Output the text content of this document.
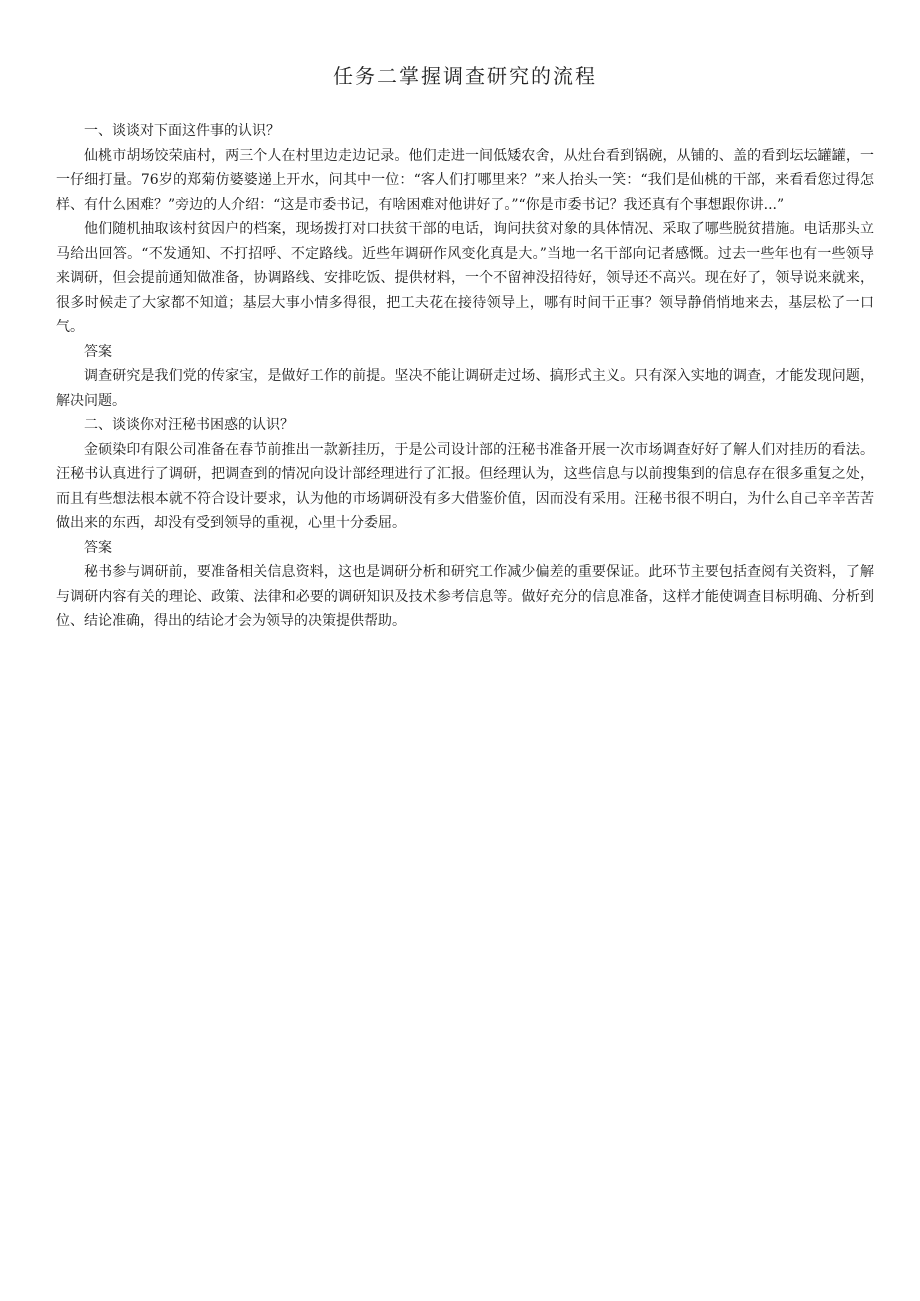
任务二掌握调查研究的流程

一、谈谈对下面这件事的认识？

仙桃市胡场饺荣庙村，两三个人在村里边走边记录。他们走进一间低矮农舍，从灶台看到锅碗，从铺的、盖的看到坛坛罐罐，一一仔细打量。76岁的郑菊仿婆婆递上开水，问其中一位：“客人们打哪里来？”来人抬头一笑：“我们是仙桃的干部，来看看您过得怎样、有什么困难？”旁边的人介绍：“这是市委书记，有啥困难对他讲好了。”“你是市委书记？我还真有个事想跟你讲...”

他们随机抽取该村贫因户的档案，现场拨打对口扶贫干部的电话，询问扶贫对象的具体情况、采取了哪些脱贫措施。电话那头立马给出回答。“不发通知、不打招呼、不定路线。近些年调研作风变化真是大。”当地一名干部向记者感慨。过去一些年也有一些领导来调研，但会提前通知做准备，协调路线、安排吃饭、提供材料，一个不留神没招待好，领导还不高兴。现在好了，领导说来就来，很多时候走了大家都不知道；基层大事小情多得很，把工夫花在接待领导上，哪有时间干正事？领导静俏悄地来去，基层松了一口气。

答案

调查研究是我们党的传家宝，是做好工作的前提。坚决不能让调研走过场、搞形式主义。只有深入实地的调查，才能发现问题，解决问题。

二、谈谈你对汪秘书困惑的认识？

金硕染印有限公司准备在春节前推出一款新挂历，于是公司设计部的汪秘书准备开展一次市场调查好好了解人们对挂历的看法。汪秘书认真进行了调研，把调查到的情况向设计部经理进行了汇报。但经理认为，这些信息与以前搜集到的信息存在很多重复之处，而且有些想法根本就不符合设计要求，认为他的市场调研没有多大借鉴价值，因而没有采用。汪秘书很不明白，为什么自己辛辛苦苦做出来的东西，却没有受到领导的重视，心里十分委屈。

答案

秘书参与调研前，要准备相关信息资料，这也是调研分析和研究工作减少偏差的重要保证。此环节主要包括查阅有关资料，了解与调研内容有关的理论、政策、法律和必要的调研知识及技术参考信息等。做好充分的信息准备，这样才能使调查目标明确、分析到位、结论准确，得出的结论才会为领导的决策提供帮助。
